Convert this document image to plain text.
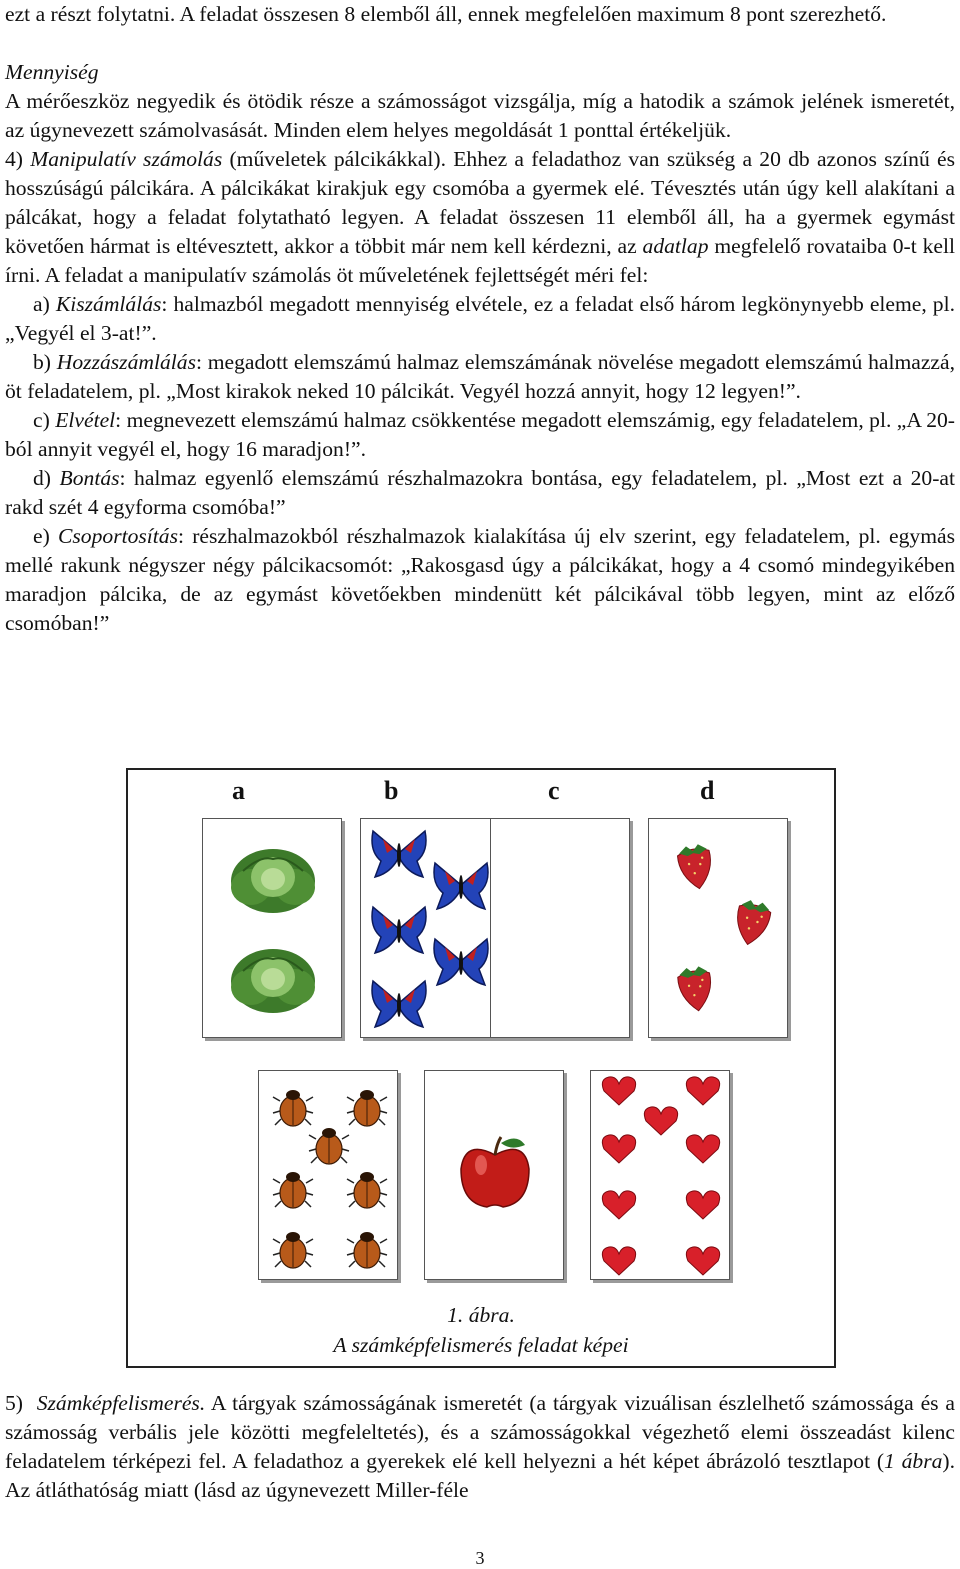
ezt a részt folytatni. A feladat összesen 8 elemből áll, ennek megfelelően maximum 8 pont szerezhető.

Mennyiség

A mérőeszköz negyedik és ötödik része a számosságot vizsgálja, míg a hatodik a számok jelének ismeretét, az úgynevezett számolvasását. Minden elem helyes megoldását 1 ponttal értékeljük.

4) Manipulatív számolás (műveletek pálcikákkal). Ehhez a feladathoz van szükség a 20 db azonos színű és hosszúságú pálcikára. A pálcikákat kirakjuk egy csomóba a gyermek elé. Tévesztés után úgy kell alakítani a pálcákat, hogy a feladat folytatható legyen. A feladat összesen 11 elemből áll, ha a gyermek egymást követően hármat is eltévesztett, akkor a többit már nem kell kérdezni, az adatlap megfelelő rovataiba 0-t kell írni. A feladat a manipulatív számolás öt műveletének fejlettségét méri fel:

a) Kiszámlálás: halmazból megadott mennyiség elvétele, ez a feladat első három legkönynyebb eleme, pl. „Vegyél el 3-at!”.

b) Hozzászámlálás: megadott elemszámú halmaz elemszámának növelése megadott elemszámú halmazzá, öt feladatelem, pl. „Most kirakok neked 10 pálcikát. Vegyél hozzá annyit, hogy 12 legyen!”.

c) Elvétel: megnevezett elemszámú halmaz csökkentése megadott elemszámig, egy feladatelem, pl. „A 20-ból annyit vegyél el, hogy 16 maradjon!”.

d) Bontás: halmaz egyenlő elemszámú részhalmazokra bontása, egy feladatelem, pl. „Most ezt a 20-at rakd szét 4 egyforma csomóba!”

e) Csoportosítás: részhalmazokból részhalmazok kialakítása új elv szerint, egy feladatelem, pl. egymás mellé rakunk négyszer négy pálcikacsomót: „Rakosgasd úgy a pálcikákat, hogy a 4 csomó mindegyikében maradjon pálcika, de az egymást követőekben mindenütt két pálcikával több legyen, mint az előző csomóban!”

a	b	c	d
1. ábra.
A számképfelismerés feladat képei

5) Számképfelismerés. A tárgyak számosságának ismeretét (a tárgyak vizuálisan észlelhető számossága és a számosság verbális jele közötti megfeleltetés), és a számosságokkal végezhető elemi összeadást kilenc feladatelem térképezi fel. A feladathoz a gyerekek elé kell helyezni a hét képet ábrázoló tesztlapot (1 ábra). Az átláthatóság miatt (lásd az úgynevezett Miller-féle

3
